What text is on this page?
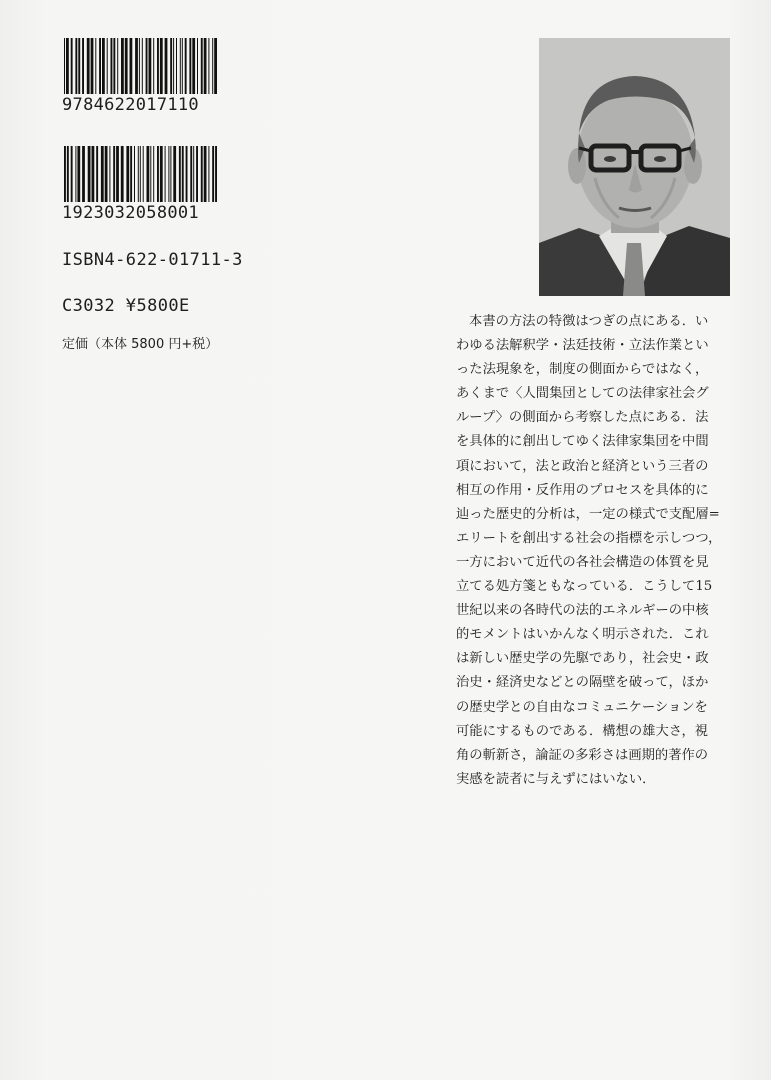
9784622017110
1923032058001
ISBN4-622-01711-3
C3032 ¥5800E
定価（本体 5800 円+税）
本書の方法の特徴はつぎの点にある．い
わゆる法解釈学・法廷技術・立法作業とい
った法現象を，制度の側面からではなく，
あくまで〈人間集団としての法律家社会グ
ループ〉の側面から考察した点にある．法
を具体的に創出してゆく法律家集団を中間
項において，法と政治と経済という三者の
相互の作用・反作用のプロセスを具体的に
辿った歴史的分析は，一定の様式で支配層=
エリートを創出する社会の指標を示しつつ，
一方において近代の各社会構造の体質を見
立てる処方箋ともなっている．こうして15
世紀以来の各時代の法的エネルギーの中核
的モメントはいかんなく明示された．これ
は新しい歴史学の先駆であり，社会史・政
治史・経済史などとの隔壁を破って，ほか
の歴史学との自由なコミュニケーションを
可能にするものである．構想の雄大さ，視
角の斬新さ，論証の多彩さは画期的著作の
実感を読者に与えずにはいない．
